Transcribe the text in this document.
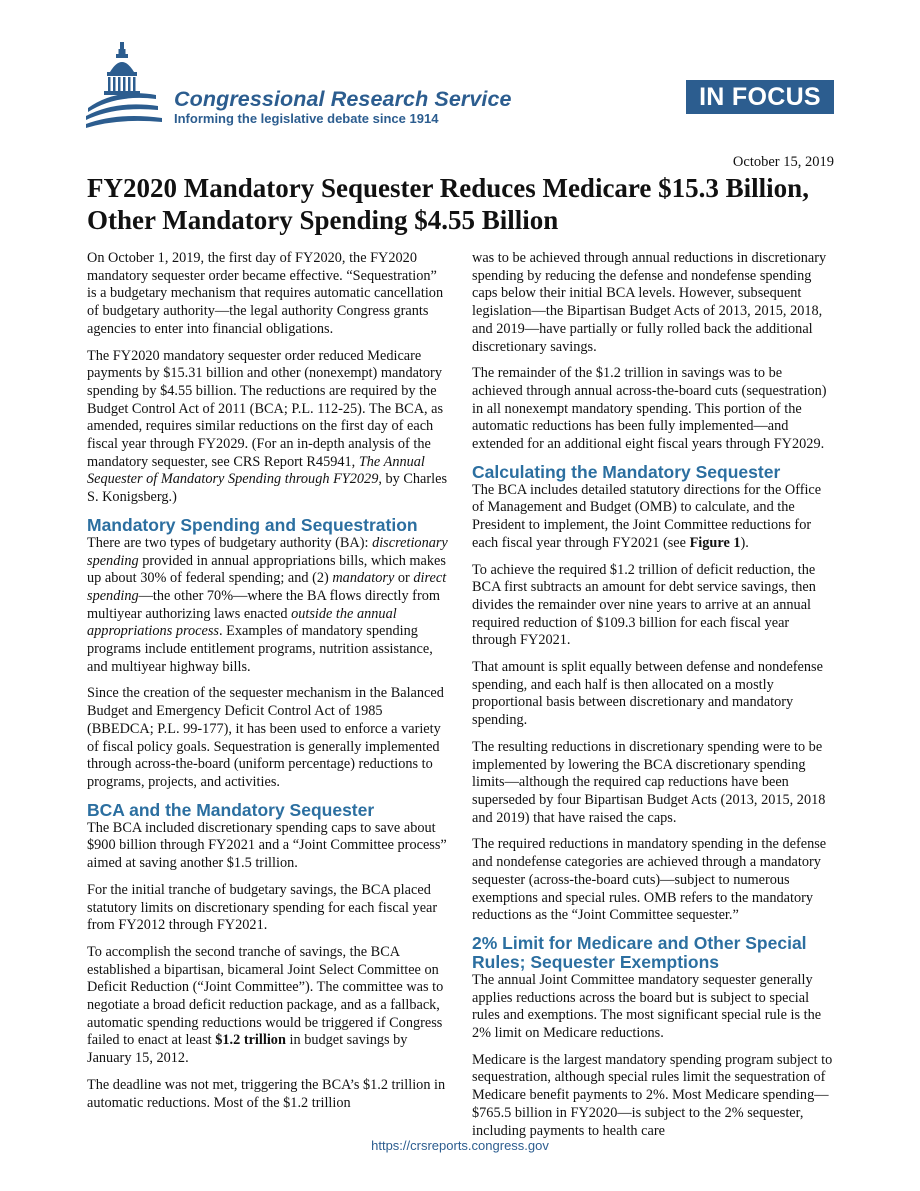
Congressional Research Service
Informing the legislative debate since 1914
IN FOCUS
October 15, 2019
FY2020 Mandatory Sequester Reduces Medicare $15.3 Billion, Other Mandatory Spending $4.55 Billion

On October 1, 2019, the first day of FY2020, the FY2020 mandatory sequester order became effective. “Sequestration” is a budgetary mechanism that requires automatic cancellation of budgetary authority—the legal authority Congress grants agencies to enter into financial obligations.

The FY2020 mandatory sequester order reduced Medicare payments by $15.31 billion and other (nonexempt) mandatory spending by $4.55 billion. The reductions are required by the Budget Control Act of 2011 (BCA; P.L. 112-25). The BCA, as amended, requires similar reductions on the first day of each fiscal year through FY2029. (For an in-depth analysis of the mandatory sequester, see CRS Report R45941, The Annual Sequester of Mandatory Spending through FY2029, by Charles S. Konigsberg.)

Mandatory Spending and Sequestration

There are two types of budgetary authority (BA): discretionary spending provided in annual appropriations bills, which makes up about 30% of federal spending; and (2) mandatory or direct spending—the other 70%—where the BA flows directly from multiyear authorizing laws enacted outside the annual appropriations process. Examples of mandatory spending programs include entitlement programs, nutrition assistance, and multiyear highway bills.

Since the creation of the sequester mechanism in the Balanced Budget and Emergency Deficit Control Act of 1985 (BBEDCA; P.L. 99-177), it has been used to enforce a variety of fiscal policy goals. Sequestration is generally implemented through across-the-board (uniform percentage) reductions to programs, projects, and activities.

BCA and the Mandatory Sequester

The BCA included discretionary spending caps to save about $900 billion through FY2021 and a “Joint Committee process” aimed at saving another $1.5 trillion.

For the initial tranche of budgetary savings, the BCA placed statutory limits on discretionary spending for each fiscal year from FY2012 through FY2021.

To accomplish the second tranche of savings, the BCA established a bipartisan, bicameral Joint Select Committee on Deficit Reduction (“Joint Committee”). The committee was to negotiate a broad deficit reduction package, and as a fallback, automatic spending reductions would be triggered if Congress failed to enact at least $1.2 trillion in budget savings by January 15, 2012.

The deadline was not met, triggering the BCA’s $1.2 trillion in automatic reductions. Most of the $1.2 trillion

was to be achieved through annual reductions in discretionary spending by reducing the defense and nondefense spending caps below their initial BCA levels. However, subsequent legislation—the Bipartisan Budget Acts of 2013, 2015, 2018, and 2019—have partially or fully rolled back the additional discretionary savings.

The remainder of the $1.2 trillion in savings was to be achieved through annual across-the-board cuts (sequestration) in all nonexempt mandatory spending. This portion of the automatic reductions has been fully implemented—and extended for an additional eight fiscal years through FY2029.

Calculating the Mandatory Sequester

The BCA includes detailed statutory directions for the Office of Management and Budget (OMB) to calculate, and the President to implement, the Joint Committee reductions for each fiscal year through FY2021 (see Figure 1).

To achieve the required $1.2 trillion of deficit reduction, the BCA first subtracts an amount for debt service savings, then divides the remainder over nine years to arrive at an annual required reduction of $109.3 billion for each fiscal year through FY2021.

That amount is split equally between defense and nondefense spending, and each half is then allocated on a mostly proportional basis between discretionary and mandatory spending.

The resulting reductions in discretionary spending were to be implemented by lowering the BCA discretionary spending limits—although the required cap reductions have been superseded by four Bipartisan Budget Acts (2013, 2015, 2018 and 2019) that have raised the caps.

The required reductions in mandatory spending in the defense and nondefense categories are achieved through a mandatory sequester (across-the-board cuts)—subject to numerous exemptions and special rules. OMB refers to the mandatory reductions as the “Joint Committee sequester.”

2% Limit for Medicare and Other Special Rules; Sequester Exemptions

The annual Joint Committee mandatory sequester generally applies reductions across the board but is subject to special rules and exemptions. The most significant special rule is the 2% limit on Medicare reductions.

Medicare is the largest mandatory spending program subject to sequestration, although special rules limit the sequestration of Medicare benefit payments to 2%. Most Medicare spending—$765.5 billion in FY2020—is subject to the 2% sequester, including payments to health care

https://crsreports.congress.gov
